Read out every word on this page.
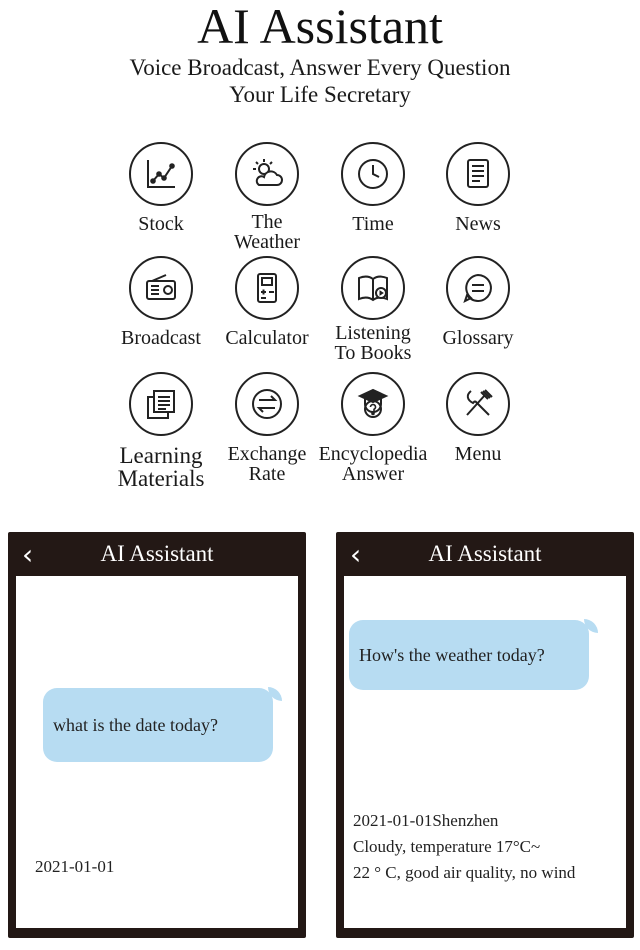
AI Assistant
Voice Broadcast, Answer Every Question
Your Life Secretary
Stock	The
Weather
Time	News
Broadcast	Calculator	Listening
To Books
Glossary
Learning
Materials
Exchange
Rate
Encyclopedia
Answer
Menu
‹	AI Assistant
what is the date today?
2021-01-01
‹	AI Assistant
How's the weather today?
2021-01-01Shenzhen
Cloudy, temperature 17°C~
22 ° C, good air quality, no wind
